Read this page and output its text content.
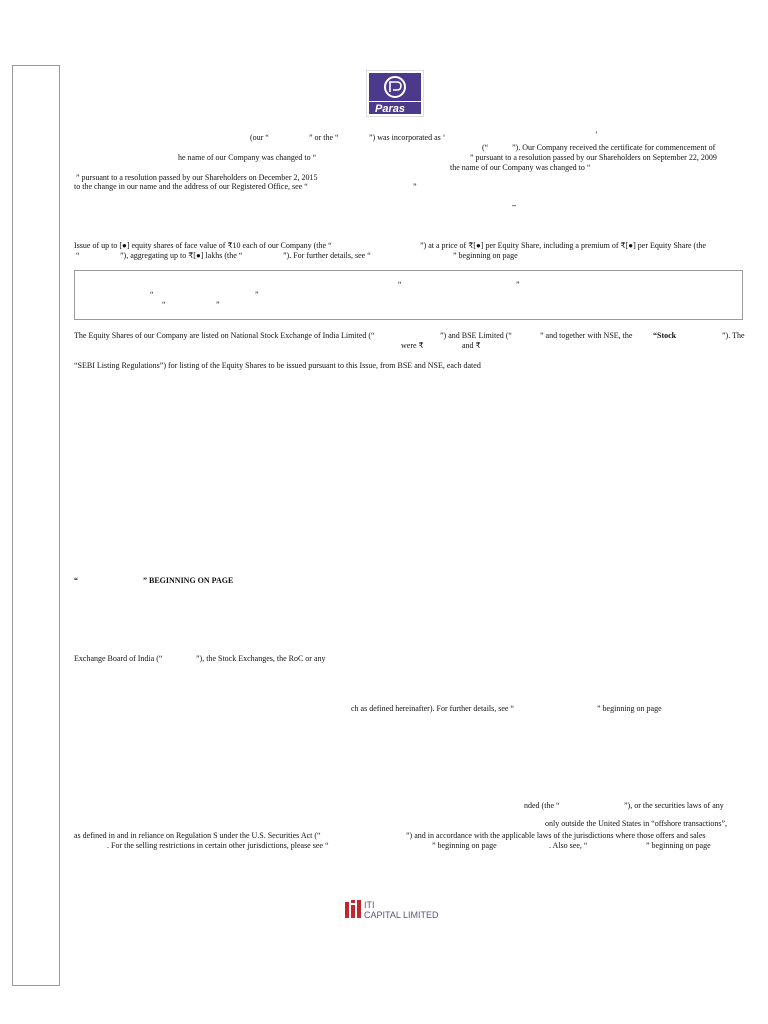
Paras
(our “	” or the “	”) was incorporated as ‘	’
(“	”). Our Company received the certificate for commencement of
he name of our Company was changed to “	” pursuant to a resolution passed by our Shareholders on September 22, 2009
the name of our Company was changed to “
” pursuant to a resolution passed by our Shareholders on December 2, 2015
to the change in our name and the address of our Registered Office, see “	”
–
Issue of up to [●] equity shares of face value of ₹10 each of our Company (the “	”) at a price of ₹[●] per Equity Share, including a premium of ₹[●] per Equity Share (the
“	”), aggregating up to ₹[●] lakhs (the “	”). For further details, see “	” beginning on page
“	”
“	”
“	”
The Equity Shares of our Company are listed on National Stock Exchange of India Limited (“	”) and BSE Limited (“	” and together with NSE, the	“Stock	”). The
were ₹	and ₹
“SEBI Listing Regulations”) for listing of the Equity Shares to be issued pursuant to this Issue, from BSE and NSE, each dated
“	” BEGINNING ON PAGE
Exchange Board of India (“	”), the Stock Exchanges, the RoC or any
ch as defined hereinafter). For further details, see “	” beginning on page
nded (the “	”), or the securities laws of any
only outside the United States in “offshore transactions”,
as defined in and in reliance on Regulation S under the U.S. Securities Act (“	”) and in accordance with the applicable laws of the jurisdictions where those offers and sales
. For the selling restrictions in certain other jurisdictions, please see “	” beginning on page	. Also see, “	” beginning on page
ITI
CAPITAL LIMITED
